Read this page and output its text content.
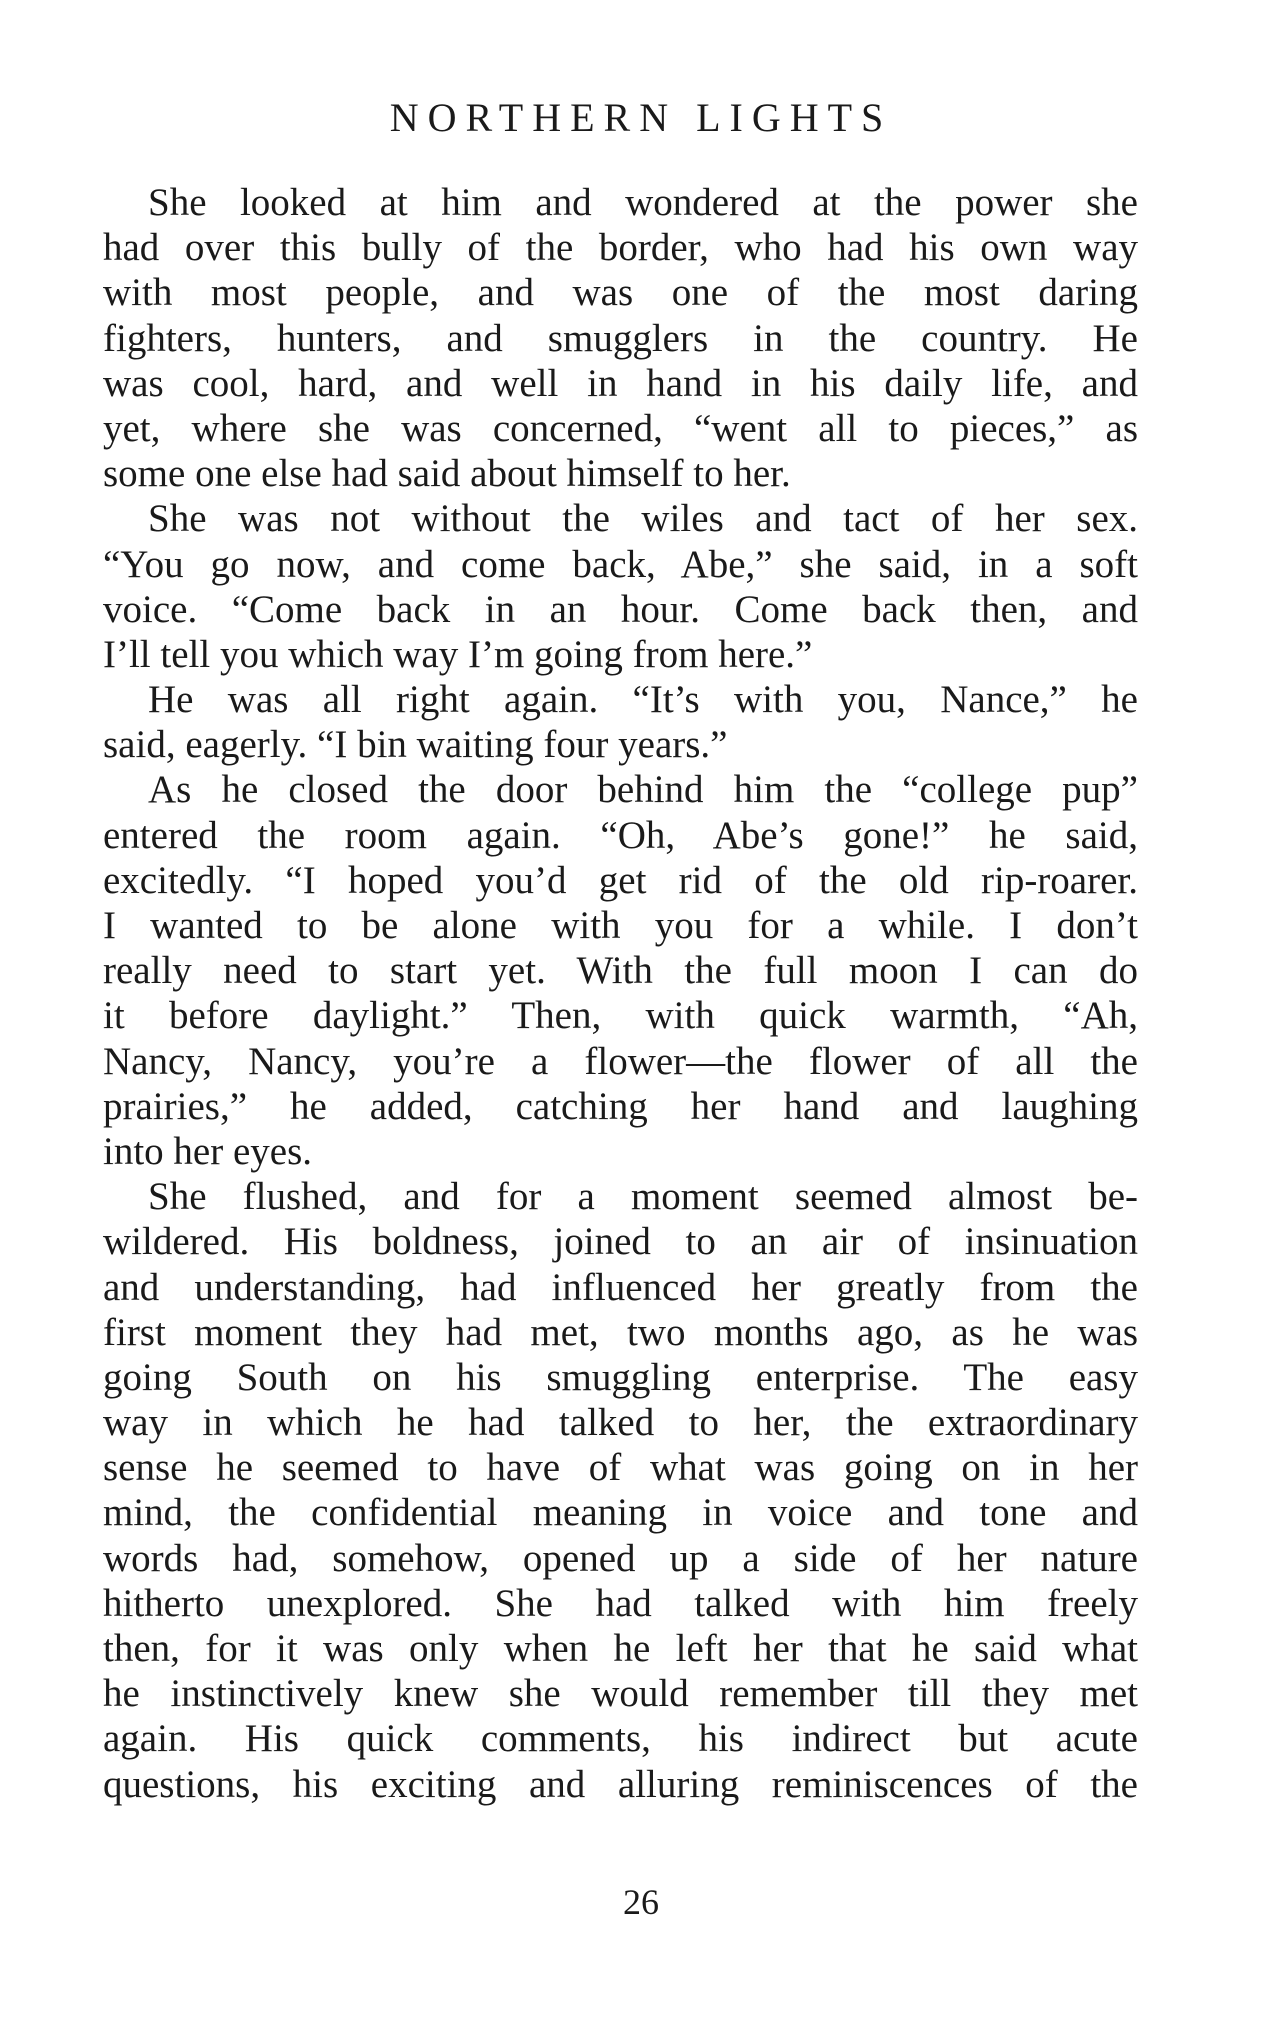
NORTHERN LIGHTS
She looked at him and wondered at the power she
had over this bully of the border, who had his own way
with most people, and was one of the most daring
fighters, hunters, and smugglers in the country. He
was cool, hard, and well in hand in his daily life, and
yet, where she was concerned, “went all to pieces,” as
some one else had said about himself to her.
She was not without the wiles and tact of her sex.
“You go now, and come back, Abe,” she said, in a soft
voice. “Come back in an hour. Come back then, and
I’ll tell you which way I’m going from here.”
He was all right again. “It’s with you, Nance,” he
said, eagerly. “I bin waiting four years.”
As he closed the door behind him the “college pup”
entered the room again. “Oh, Abe’s gone!” he said,
excitedly. “I hoped you’d get rid of the old rip-roarer.
I wanted to be alone with you for a while. I don’t
really need to start yet. With the full moon I can do
it before daylight.” Then, with quick warmth, “Ah,
Nancy, Nancy, you’re a flower—the flower of all the
prairies,” he added, catching her hand and laughing
into her eyes.
She flushed, and for a moment seemed almost be-
wildered. His boldness, joined to an air of insinuation
and understanding, had influenced her greatly from the
first moment they had met, two months ago, as he was
going South on his smuggling enterprise. The easy
way in which he had talked to her, the extraordinary
sense he seemed to have of what was going on in her
mind, the confidential meaning in voice and tone and
words had, somehow, opened up a side of her nature
hitherto unexplored. She had talked with him freely
then, for it was only when he left her that he said what
he instinctively knew she would remember till they met
again. His quick comments, his indirect but acute
questions, his exciting and alluring reminiscences of the
26
